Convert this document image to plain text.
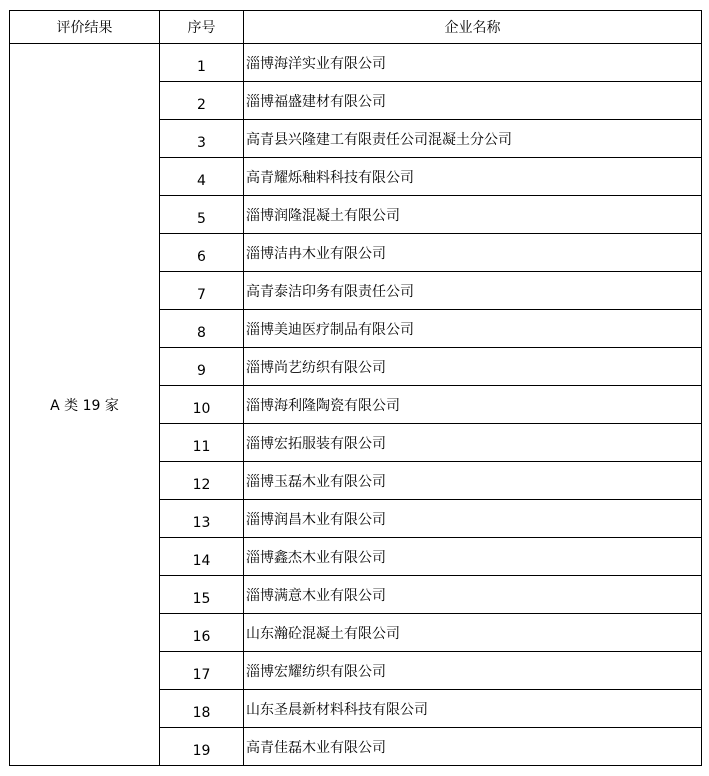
评价结果	序号	企业名称
A 类 19 家	1	淄博海洋实业有限公司
	2	淄博福盛建材有限公司
	3	高青县兴隆建工有限责任公司混凝土分公司
	4	高青耀烁釉料科技有限公司
	5	淄博润隆混凝土有限公司
	6	淄博洁冉木业有限公司
	7	高青泰洁印务有限责任公司
	8	淄博美迪医疗制品有限公司
	9	淄博尚艺纺织有限公司
	10	淄博海利隆陶瓷有限公司
	11	淄博宏拓服装有限公司
	12	淄博玉磊木业有限公司
	13	淄博润昌木业有限公司
	14	淄博鑫杰木业有限公司
	15	淄博满意木业有限公司
	16	山东瀚砼混凝土有限公司
	17	淄博宏耀纺织有限公司
	18	山东圣晨新材料科技有限公司
	19	高青佳磊木业有限公司
